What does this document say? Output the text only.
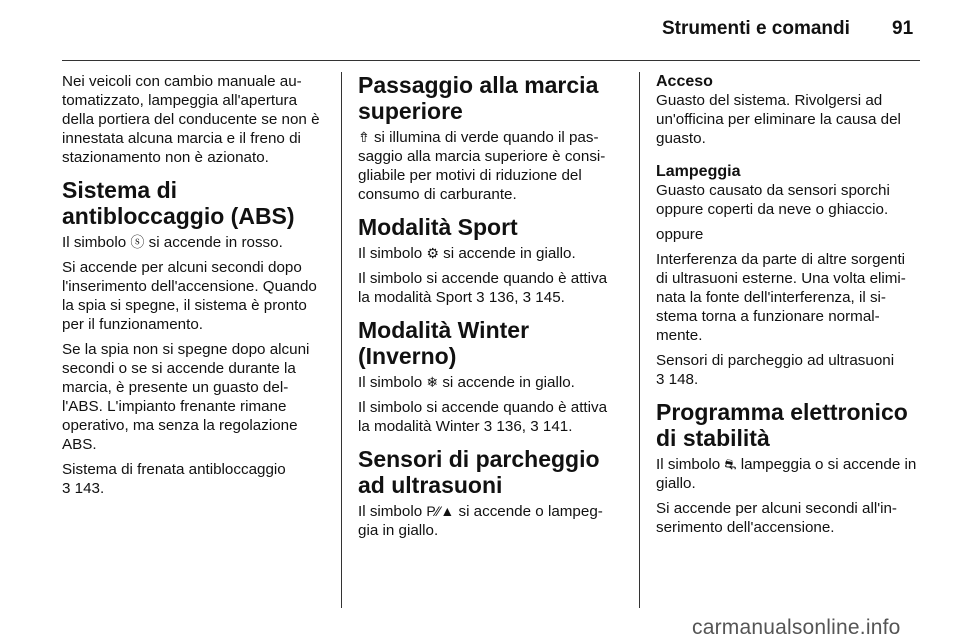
Strumenti e comandi 91

Nei veicoli con cambio manuale au-tomatizzato, lampeggia all'apertura della portiera del conducente se non è innestata alcuna marcia e il freno di stazionamento non è azionato.

Sistema di antibloccaggio (ABS)

Il simbolo ⓢ si accende in rosso.

Si accende per alcuni secondi dopo l'inserimento dell'accensione. Quando la spia si spegne, il sistema è pronto per il funzionamento.

Se la spia non si spegne dopo alcuni secondi o se si accende durante la marcia, è presente un guasto del-l'ABS. L'impianto frenante rimane operativo, ma senza la regolazione ABS.

Sistema di frenata antibloccaggio

3 143.

Passaggio alla marcia superiore

⇮ si illumina di verde quando il pas-saggio alla marcia superiore è consi-gliabile per motivi di riduzione del consumo di carburante.

Modalità Sport

Il simbolo ⚙ si accende in giallo.

Il simbolo si accende quando è attiva la modalità Sport 3 136, 3 145.

Modalità Winter (Inverno)

Il simbolo ❄ si accende in giallo.

Il simbolo si accende quando è attiva la modalità Winter 3 136, 3 141.

Sensori di parcheggio ad ultrasuoni

Il simbolo P⁄⁄▲ si accende o lampeg-gia in giallo.

Acceso

Guasto del sistema. Rivolgersi ad un'officina per eliminare la causa del guasto.

Lampeggia

Guasto causato da sensori sporchi oppure coperti da neve o ghiaccio.

oppure

Interferenza da parte di altre sorgenti di ultrasuoni esterne. Una volta elimi-nata la fonte dell'interferenza, il si-stema torna a funzionare normal-mente.

Sensori di parcheggio ad ultrasuoni

3 148.

Programma elettronico di stabilità

Il simbolo ⛐ lampeggia o si accende in giallo.

Si accende per alcuni secondi all'in-serimento dell'accensione.

carmanualsonline.info
